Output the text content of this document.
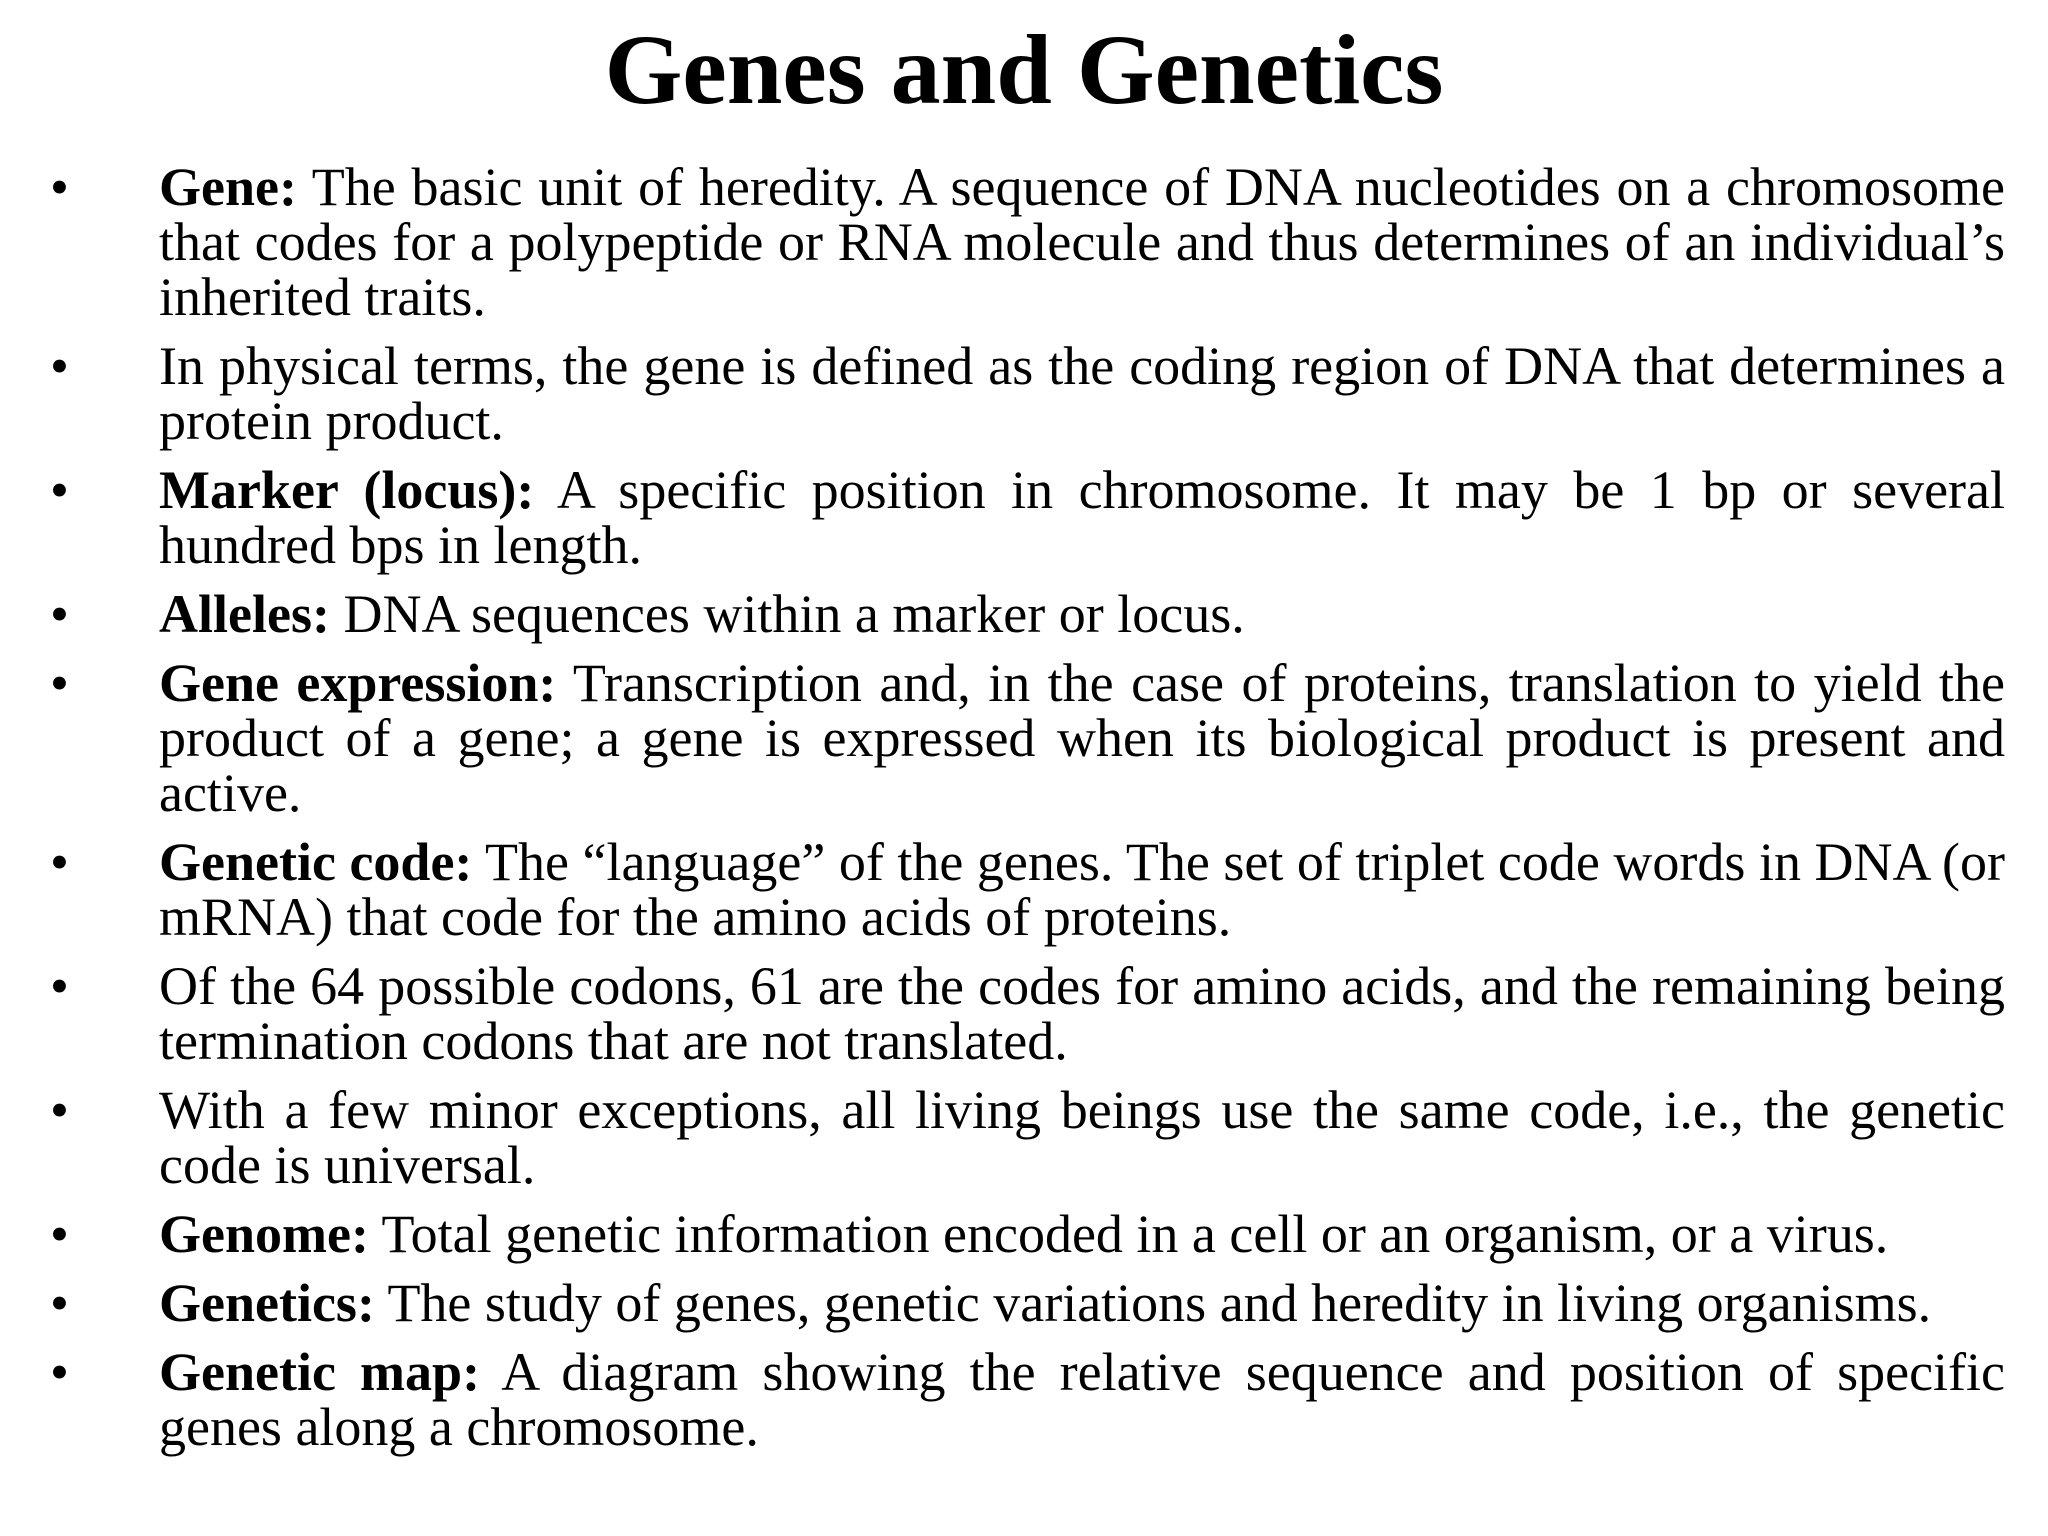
Genes and Genetics
• Gene: The basic unit of heredity. A sequence of DNA nucleotides on a chromosome that codes for a polypeptide or RNA molecule and thus determines of an individual’s inherited traits.
• In physical terms, the gene is defined as the coding region of DNA that determines a protein product.
• Marker (locus): A specific position in chromosome. It may be 1 bp or several hundred bps in length.
• Alleles: DNA sequences within a marker or locus.
• Gene expression: Transcription and, in the case of proteins, translation to yield the product of a gene; a gene is expressed when its biological product is present and active.
• Genetic code: The “language” of the genes. The set of triplet code words in DNA (or mRNA) that code for the amino acids of proteins.
• Of the 64 possible codons, 61 are the codes for amino acids, and the remaining being termination codons that are not translated.
• With a few minor exceptions, all living beings use the same code, i.e., the genetic code is universal.
• Genome: Total genetic information encoded in a cell or an organism, or a virus.
• Genetics: The study of genes, genetic variations and heredity in living organisms.
• Genetic map: A diagram showing the relative sequence and position of specific genes along a chromosome.
